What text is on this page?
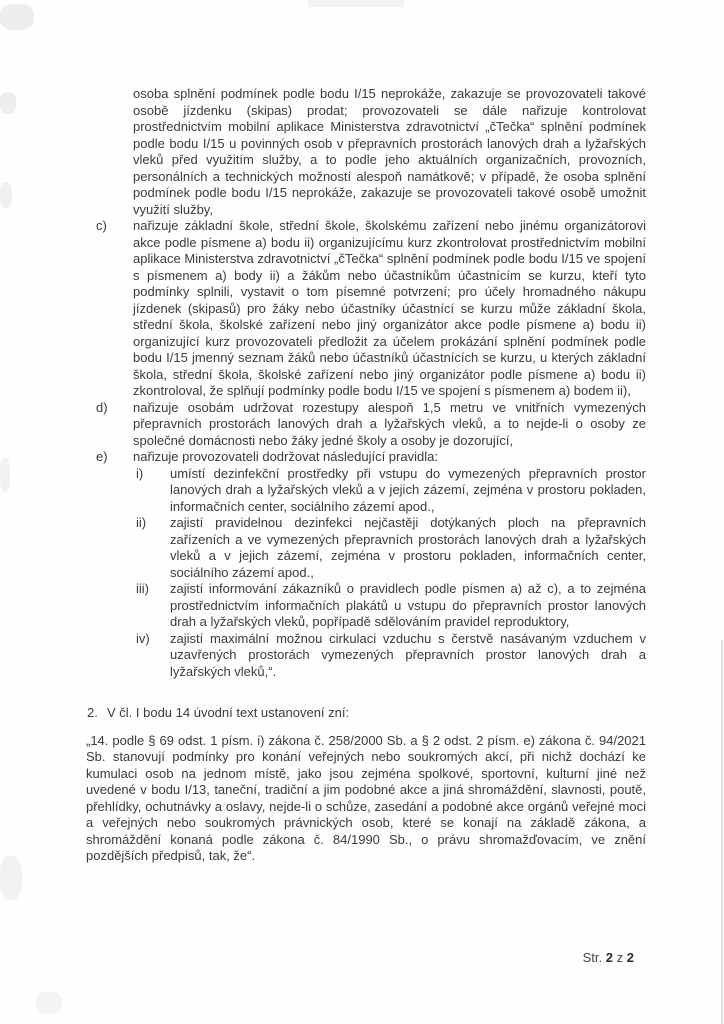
osoba splnění podmínek podle bodu I/15 neprokáže, zakazuje se provozovateli takové osobě jízdenku (skipas) prodat; provozovateli se dále nařizuje kontrolovat prostřednictvím mobilní aplikace Ministerstva zdravotnictví „čTečka“ splnění podmínek podle bodu I/15 u povinných osob v přepravních prostorách lanových drah a lyžařských vleků před využitím služby, a to podle jeho aktuálních organizačních, provozních, personálních a technických možností alespoň namátkově; v případě, že osoba splnění podmínek podle bodu I/15 neprokáže, zakazuje se provozovateli takové osobě umožnit využití služby,

c)	nařizuje základní škole, střední škole, školskému zařízení nebo jinému organizátorovi akce podle písmene a) bodu ii) organizujícímu kurz zkontrolovat prostřednictvím mobilní aplikace Ministerstva zdravotnictví „čTečka“ splnění podmínek podle bodu I/15 ve spojení s písmenem a) body ii) a žákům nebo účastníkům účastnícím se kurzu, kteří tyto podmínky splnili, vystavit o tom písemné potvrzení; pro účely hromadného nákupu jízdenek (skipasů) pro žáky nebo účastníky účastnící se kurzu může základní škola, střední škola, školské zařízení nebo jiný organizátor akce podle písmene a) bodu ii) organizující kurz provozovateli předložit za účelem prokázání splnění podmínek podle bodu I/15 jmenný seznam žáků nebo účastníků účastnících se kurzu, u kterých základní škola, střední škola, školské zařízení nebo jiný organizátor podle písmene a) bodu ii) zkontroloval, že splňují podmínky podle bodu I/15 ve spojení s písmenem a) bodem ii),

d)	nařizuje osobám udržovat rozestupy alespoň 1,5 metru ve vnitřních vymezených přepravních prostorách lanových drah a lyžařských vleků, a to nejde-li o osoby ze společné domácnosti nebo žáky jedné školy a osoby je dozorující,

e)	nařizuje provozovateli dodržovat následující pravidla:

i)	umístí dezinfekční prostředky při vstupu do vymezených přepravních prostor lanových drah a lyžařských vleků a v jejich zázemí, zejména v prostoru pokladen, informačních center, sociálního zázemí apod.,

ii)	zajistí pravidelnou dezinfekci nejčastěji dotýkaných ploch na přepravních zařízeních a ve vymezených přepravních prostorách lanových drah a lyžařských vleků a v jejich zázemí, zejména v prostoru pokladen, informačních center, sociálního zázemí apod.,

iii)	zajistí informování zákazníků o pravidlech podle písmen a) až c), a to zejména prostřednictvím informačních plakátů u vstupu do přepravních prostor lanových drah a lyžařských vleků, popřípadě sdělováním pravidel reproduktory,

iv)	zajistí maximální možnou cirkulaci vzduchu s čerstvě nasávaným vzduchem v uzavřených prostorách vymezených přepravních prostor lanových drah a lyžařských vleků,“.

2. V čl. I bodu 14 úvodní text ustanovení zní:

„14. podle § 69 odst. 1 písm. i) zákona č. 258/2000 Sb. a § 2 odst. 2 písm. e) zákona č. 94/2021 Sb. stanovují podmínky pro konání veřejných nebo soukromých akcí, při nichž dochází ke kumulaci osob na jednom místě, jako jsou zejména spolkové, sportovní, kulturní jiné než uvedené v bodu I/13, taneční, tradiční a jim podobné akce a jiná shromáždění, slavnosti, poutě, přehlídky, ochutnávky a oslavy, nejde-li o schůze, zasedání a podobné akce orgánů veřejné moci a veřejných nebo soukromých právnických osob, které se konají na základě zákona, a shromáždění konaná podle zákona č. 84/1990 Sb., o právu shromažďovacím, ve znění pozdějších předpisů, tak, že“.

Str. 2 z 2
